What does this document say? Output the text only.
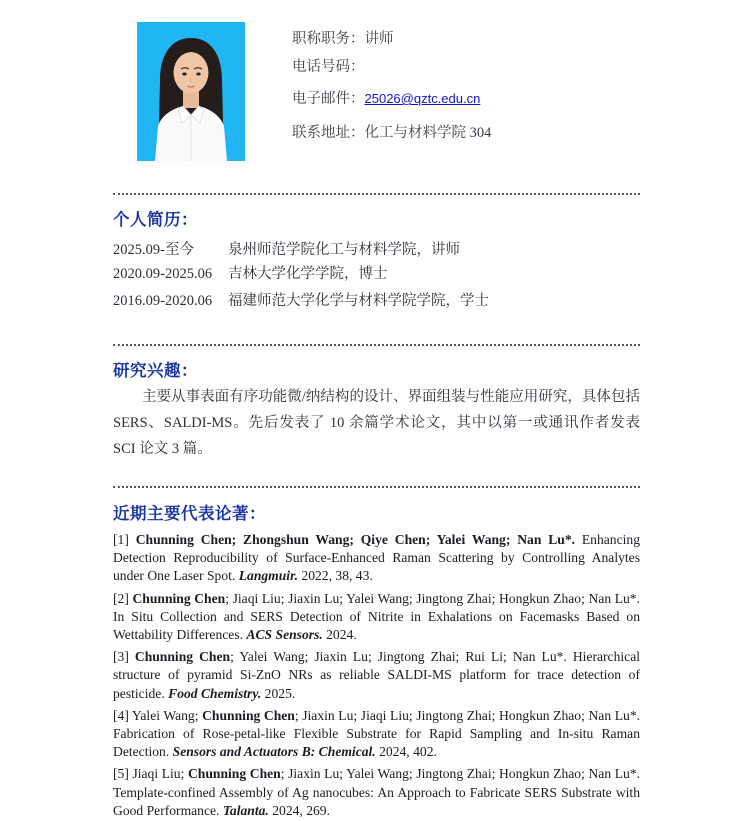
职称职务：讲师
电话号码：
电子邮件：25026@qztc.edu.cn
联系地址：化工与材料学院 304
个人简历：
2025.09-至今	泉州师范学院化工与材料学院，讲师
2020.09-2025.06	吉林大学化学学院，博士
2016.09-2020.06	福建师范大学化学与材料学院学院，学士
研究兴趣：

主要从事表面有序功能微/纳结构的设计、界面组装与性能应用研究，具体包括 SERS、SALDI-MS。先后发表了 10 余篇学术论文，其中以第一或通讯作者发表 SCI 论文 3 篇。

近期主要代表论著：

[1] Chunning Chen; Zhongshun Wang; Qiye Chen; Yalei Wang; Nan Lu*. Enhancing Detection Reproducibility of Surface-Enhanced Raman Scattering by Controlling Analytes under One Laser Spot. Langmuir. 2022, 38, 43.

[2] Chunning Chen; Jiaqi Liu; Jiaxin Lu; Yalei Wang; Jingtong Zhai; Hongkun Zhao; Nan Lu*. In Situ Collection and SERS Detection of Nitrite in Exhalations on Facemasks Based on Wettability Differences. ACS Sensors. 2024.

[3] Chunning Chen; Yalei Wang; Jiaxin Lu; Jingtong Zhai; Rui Li; Nan Lu*. Hierarchical structure of pyramid Si-ZnO NRs as reliable SALDI-MS platform for trace detection of pesticide. Food Chemistry. 2025.

[4] Yalei Wang; Chunning Chen; Jiaxin Lu; Jiaqi Liu; Jingtong Zhai; Hongkun Zhao; Nan Lu*. Fabrication of Rose-petal-like Flexible Substrate for Rapid Sampling and In-situ Raman Detection. Sensors and Actuators B: Chemical. 2024, 402.

[5] Jiaqi Liu; Chunning Chen; Jiaxin Lu; Yalei Wang; Jingtong Zhai; Hongkun Zhao; Nan Lu*. Template-confined Assembly of Ag nanocubes: An Approach to Fabricate SERS Substrate with Good Performance. Talanta. 2024, 269.
